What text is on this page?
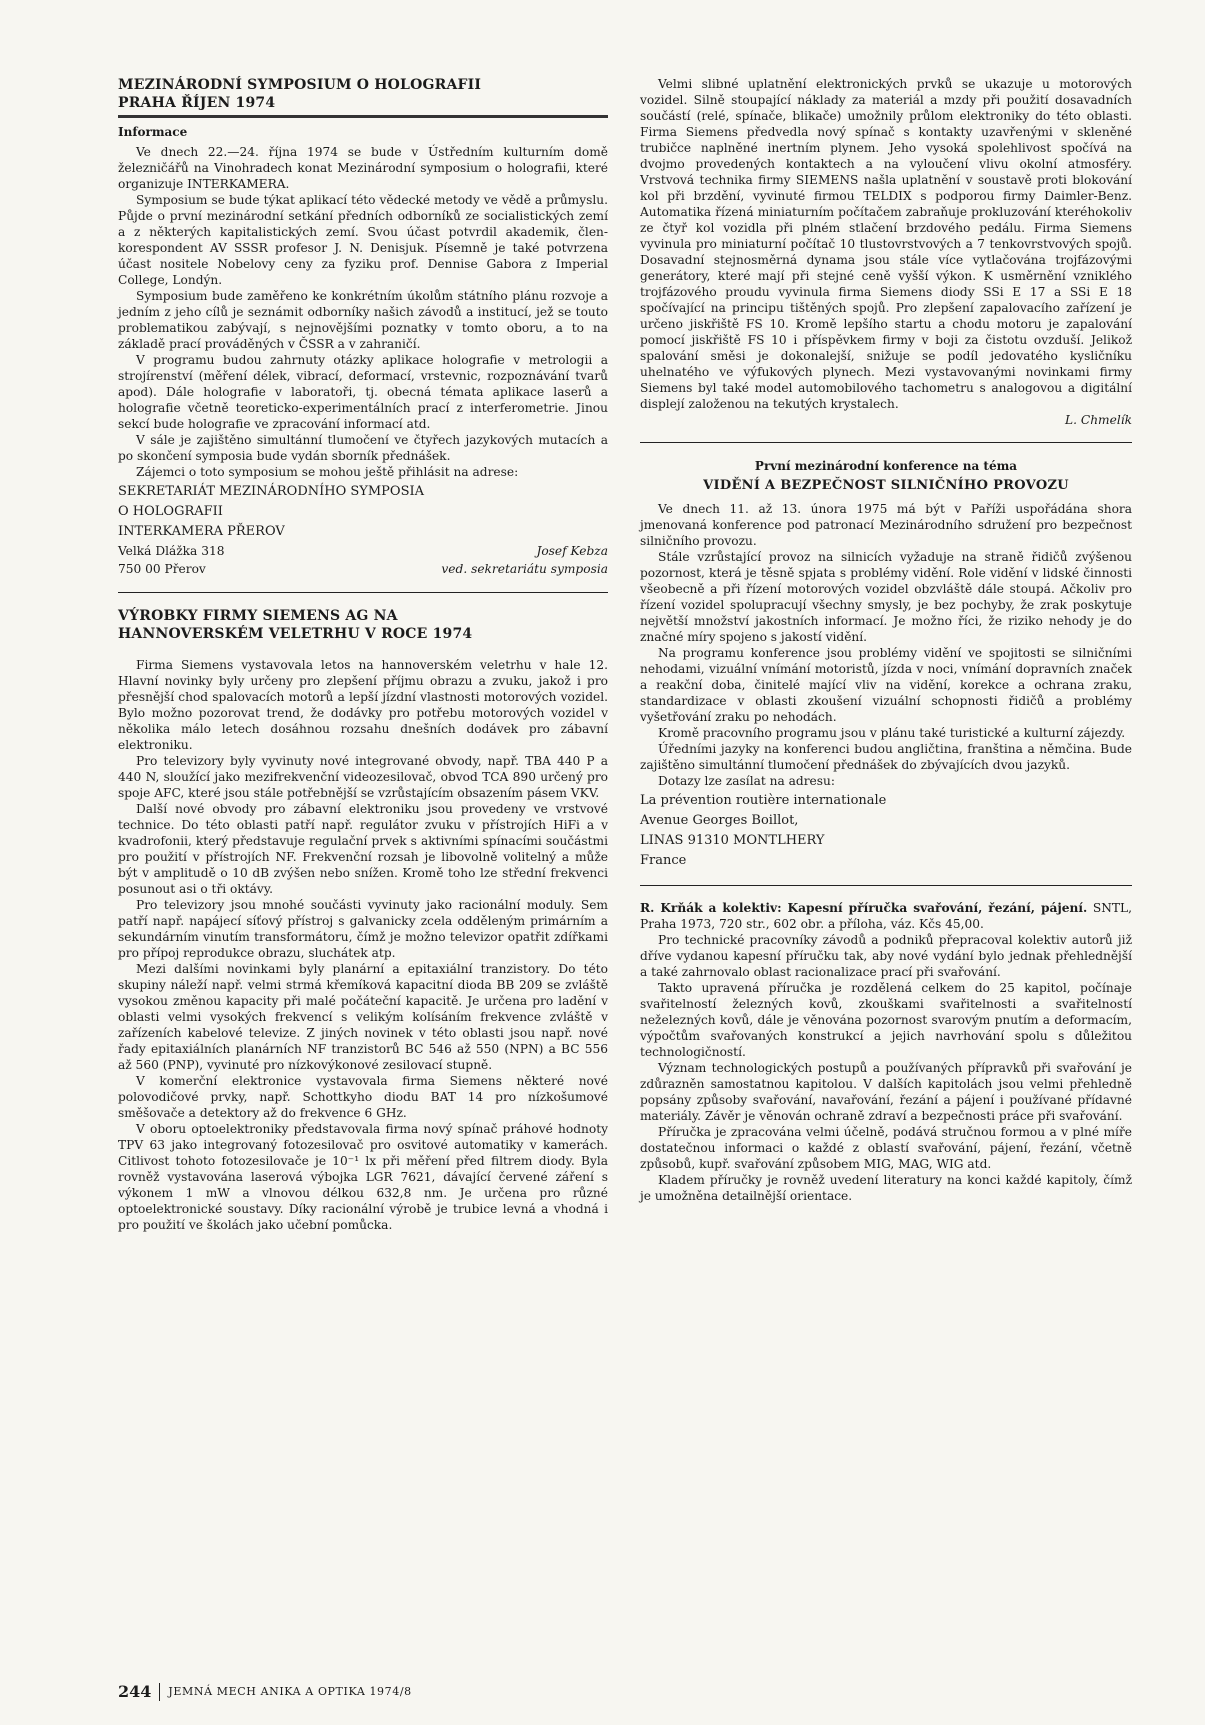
MEZINÁRODNÍ SYMPOSIUM O HOLOGRAFII
PRAHA ŘÍJEN 1974
Informace

Ve dnech 22.—24. října 1974 se bude v Ústředním kulturním domě železničářů na Vinohradech konat Mezinárodní symposium o holografii, které organizuje INTERKAMERA.

Symposium se bude týkat aplikací této vědecké metody ve vědě a průmyslu. Půjde o první mezinárodní setkání předních odborníků ze socialistických zemí a z některých kapitalistických zemí. Svou účast potvrdil akademik, člen-korespondent AV SSSR profesor J. N. Denisjuk. Písemně je také potvrzena účast nositele Nobelovy ceny za fyziku prof. Dennise Gabora z Imperial College, Londýn.

Symposium bude zaměřeno ke konkrétním úkolům státního plánu rozvoje a jedním z jeho cílů je seznámit odborníky našich závodů a institucí, jež se touto problematikou zabývají, s nejnovějšími poznatky v tomto oboru, a to na základě prací prováděných v ČSSR a v zahraničí.

V programu budou zahrnuty otázky aplikace holografie v metrologii a strojírenství (měření délek, vibrací, deformací, vrstevnic, rozpoznávání tvarů apod). Dále holografie v laboratoři, tj. obecná témata aplikace laserů a holografie včetně teoreticko-experimentálních prací z interferometrie. Jinou sekcí bude holografie ve zpracování informací atd.

V sále je zajištěno simultánní tlumočení ve čtyřech jazykových mutacích a po skončení symposia bude vydán sborník přednášek.

Zájemci o toto symposium se mohou ještě přihlásit na adrese:

SEKRETARIÁT MEZINÁRODNÍHO SYMPOSIA

O HOLOGRAFII

INTERKAMERA PŘEROV

Velká Dlážka 318	Josef Kebza
750 00 Přerov	ved. sekretariátu symposia
VÝROBKY FIRMY SIEMENS AG NA
HANNOVERSKÉM VELETRHU V ROCE 1974

Firma Siemens vystavovala letos na hannoverském veletrhu v hale 12. Hlavní novinky byly určeny pro zlepšení příjmu obrazu a zvuku, jakož i pro přesnější chod spalovacích motorů a lepší jízdní vlastnosti motorových vozidel. Bylo možno pozorovat trend, že dodávky pro potřebu motorových vozidel v několika málo letech dosáhnou rozsahu dnešních dodávek pro zábavní elektroniku.

Pro televizory byly vyvinuty nové integrované obvody, např. TBA 440 P a 440 N, sloužící jako mezifrekvenční videozesilovač, obvod TCA 890 určený pro spoje AFC, které jsou stále potřebnější se vzrůstajícím obsazením pásem VKV.

Další nové obvody pro zábavní elektroniku jsou provedeny ve vrstvové technice. Do této oblasti patří např. regulátor zvuku v přístrojích HiFi a v kvadrofonii, který představuje regulační prvek s aktivními spínacími součástmi pro použití v přístrojích NF. Frekvenční rozsah je libovolně volitelný a může být v amplitudě o 10 dB zvýšen nebo snížen. Kromě toho lze střední frekvenci posunout asi o tři oktávy.

Pro televizory jsou mnohé součásti vyvinuty jako racionální moduly. Sem patří např. napájecí síťový přístroj s galvanicky zcela odděleným primárním a sekundárním vinutím transformátoru, čímž je možno televizor opatřit zdířkami pro přípoj reprodukce obrazu, sluchátek atp.

Mezi dalšími novinkami byly planární a epitaxiální tranzistory. Do této skupiny náleží např. velmi strmá křemíková kapacitní dioda BB 209 se zvláště vysokou změnou kapacity při malé počáteční kapacitě. Je určena pro ladění v oblasti velmi vysokých frekvencí s velikým kolísáním frekvence zvláště v zařízeních kabelové televize. Z jiných novinek v této oblasti jsou např. nové řady epitaxiálních planárních NF tranzistorů BC 546 až 550 (NPN) a BC 556 až 560 (PNP), vyvinuté pro nízkovýkonové zesilovací stupně.

V komerční elektronice vystavovala firma Siemens některé nové polovodičové prvky, např. Schottkyho diodu BAT 14 pro nízkošumové směšovače a detektory až do frekvence 6 GHz.

V oboru optoelektroniky představovala firma nový spínač práhové hodnoty TPV 63 jako integrovaný fotozesilovač pro osvitové automatiky v kamerách. Citlivost tohoto fotozesilovače je 10⁻¹ lx při měření před filtrem diody. Byla rovněž vystavována laserová výbojka LGR 7621, dávající červené záření s výkonem 1 mW a vlnovou délkou 632,8 nm. Je určena pro různé optoelektronické soustavy. Díky racionální výrobě je trubice levná a vhodná i pro použití ve školách jako učební pomůcka.

Velmi slibné uplatnění elektronických prvků se ukazuje u motorových vozidel. Silně stoupající náklady za materiál a mzdy při použití dosavadních součástí (relé, spínače, blikače) umožnily průlom elektroniky do této oblasti. Firma Siemens předvedla nový spínač s kontakty uzavřenými v skleněné trubičce naplněné inertním plynem. Jeho vysoká spolehlivost spočívá na dvojmo provedených kontaktech a na vyloučení vlivu okolní atmosféry. Vrstvová technika firmy SIEMENS našla uplatnění v soustavě proti blokování kol při brzdění, vyvinuté firmou TELDIX s podporou firmy Daimler-Benz. Automatika řízená miniaturním počítačem zabraňuje prokluzování kteréhokoliv ze čtyř kol vozidla při plném stlačení brzdového pedálu. Firma Siemens vyvinula pro miniaturní počítač 10 tlustovrstvových a 7 tenkovrstvových spojů. Dosavadní stejnosměrná dynama jsou stále více vytlačována trojfázovými generátory, které mají při stejné ceně vyšší výkon. K usměrnění vzniklého trojfázového proudu vyvinula firma Siemens diody SSi E 17 a SSi E 18 spočívající na principu tištěných spojů. Pro zlepšení zapalovacího zařízení je určeno jiskřiště FS 10. Kromě lepšího startu a chodu motoru je zapalování pomocí jiskřiště FS 10 i příspěvkem firmy v boji za čistotu ovzduší. Jelikož spalování směsi je dokonalejší, snižuje se podíl jedovatého kysličníku uhelnatého ve výfukových plynech. Mezi vystavovanými novinkami firmy Siemens byl také model automobilového tachometru s analogovou a digitální displejí založenou na tekutých krystalech.

L. Chmelík

První mezinárodní konference na téma

VIDĚNÍ A BEZPEČNOST SILNIČNÍHO PROVOZU

Ve dnech 11. až 13. února 1975 má být v Paříži uspořádána shora jmenovaná konference pod patronací Mezinárodního sdružení pro bezpečnost silničního provozu.

Stále vzrůstající provoz na silnicích vyžaduje na straně řidičů zvýšenou pozornost, která je těsně spjata s problémy vidění. Role vidění v lidské činnosti všeobecně a při řízení motorových vozidel obzvláště dále stoupá. Ačkoliv pro řízení vozidel spolupracují všechny smysly, je bez pochyby, že zrak poskytuje největší množství jakostních informací. Je možno říci, že riziko nehody je do značné míry spojeno s jakostí vidění.

Na programu konference jsou problémy vidění ve spojitosti se silničními nehodami, vizuální vnímání motoristů, jízda v noci, vnímání dopravních značek a reakční doba, činitelé mající vliv na vidění, korekce a ochrana zraku, standardizace v oblasti zkoušení vizuální schopnosti řidičů a problémy vyšetřování zraku po nehodách.

Kromě pracovního programu jsou v plánu také turistické a kulturní zájezdy.

Úředními jazyky na konferenci budou angličtina, franština a němčina. Bude zajištěno simultánní tlumočení přednášek do zbývajících dvou jazyků.

Dotazy lze zasílat na adresu:

La prévention routière internationale

Avenue Georges Boillot,

LINAS 91310 MONTLHERY

France

R. Krňák a kolektiv: Kapesní příručka svařování, řezání, pájení. SNTL, Praha 1973, 720 str., 602 obr. a příloha, váz. Kčs 45,00.

Pro technické pracovníky závodů a podniků přepracoval kolektiv autorů již dříve vydanou kapesní příručku tak, aby nové vydání bylo jednak přehlednější a také zahrnovalo oblast racionalizace prací při svařování.

Takto upravená příručka je rozdělená celkem do 25 kapitol, počínaje svařitelností železných kovů, zkouškami svařitelnosti a svařitelností neželezných kovů, dále je věnována pozornost svarovým pnutím a deformacím, výpočtům svařovaných konstrukcí a jejich navrhování spolu s důležitou technologičností.

Význam technologických postupů a používaných přípravků při svařování je zdůrazněn samostatnou kapitolou. V dalších kapitolách jsou velmi přehledně popsány způsoby svařování, navařování, řezání a pájení i používané přídavné materiály. Závěr je věnován ochraně zdraví a bezpečnosti práce při svařování.

Příručka je zpracována velmi účelně, podává stručnou formou a v plné míře dostatečnou informaci o každé z oblastí svařování, pájení, řezání, včetně způsobů, kupř. svařování způsobem MIG, MAG, WIG atd.

Kladem příručky je rovněž uvedení literatury na konci každé kapitoly, čímž je umožněna detailnější orientace.

244 JEMNÁ MECH ANIKA A OPTIKA 1974/8
